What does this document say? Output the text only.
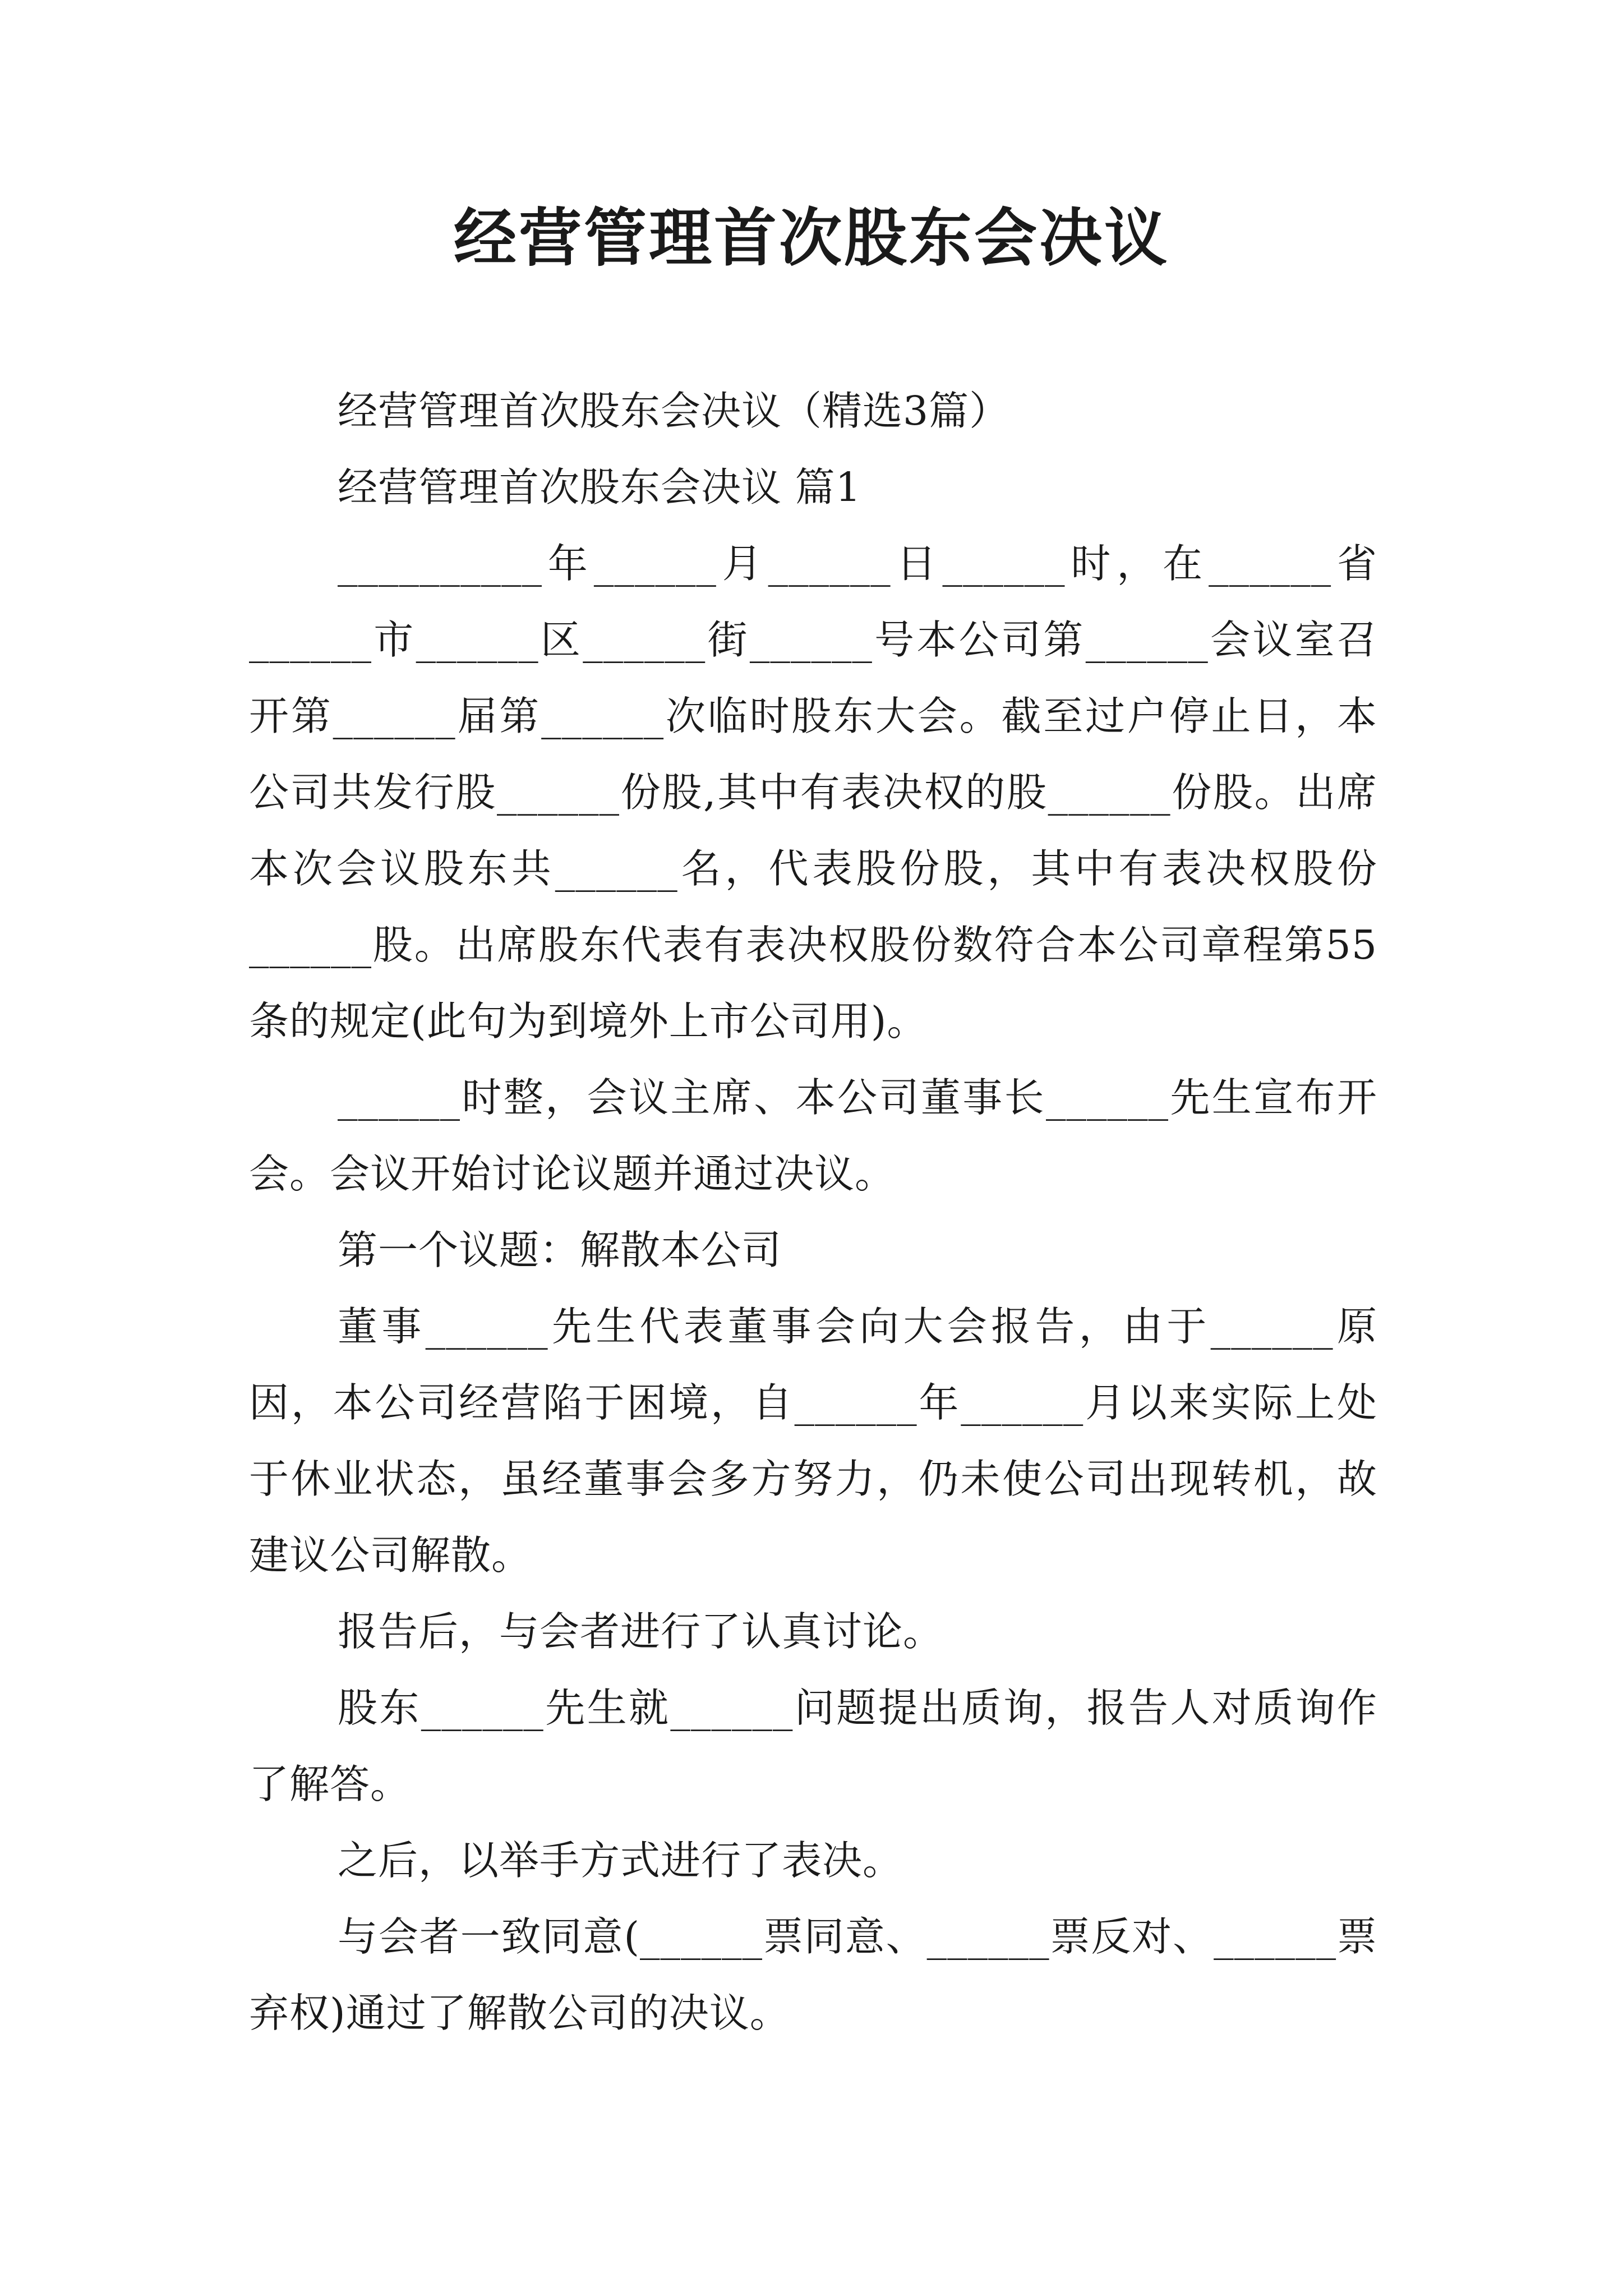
经营管理首次股东会决议

经营管理首次股东会决议（精选3篇）

经营管理首次股东会决议 篇1

__________年______月______日______时，在______省______市______区______街______号本公司第______会议室召开第______届第______次临时股东大会。截至过户停止日，本公司共发行股______份股,其中有表决权的股______份股。出席本次会议股东共______名，代表股份股，其中有表决权股份______股。出席股东代表有表决权股份数符合本公司章程第55条的规定(此句为到境外上市公司用)。

______时整，会议主席、本公司董事长______先生宣布开会。会议开始讨论议题并通过决议。

第一个议题：解散本公司

董事______先生代表董事会向大会报告，由于______原因，本公司经营陷于困境，自______年______月以来实际上处于休业状态，虽经董事会多方努力，仍未使公司出现转机，故建议公司解散。

报告后，与会者进行了认真讨论。

股东______先生就______问题提出质询，报告人对质询作了解答。

之后，以举手方式进行了表决。

与会者一致同意(______票同意、______票反对、______票弃权)通过了解散公司的决议。
